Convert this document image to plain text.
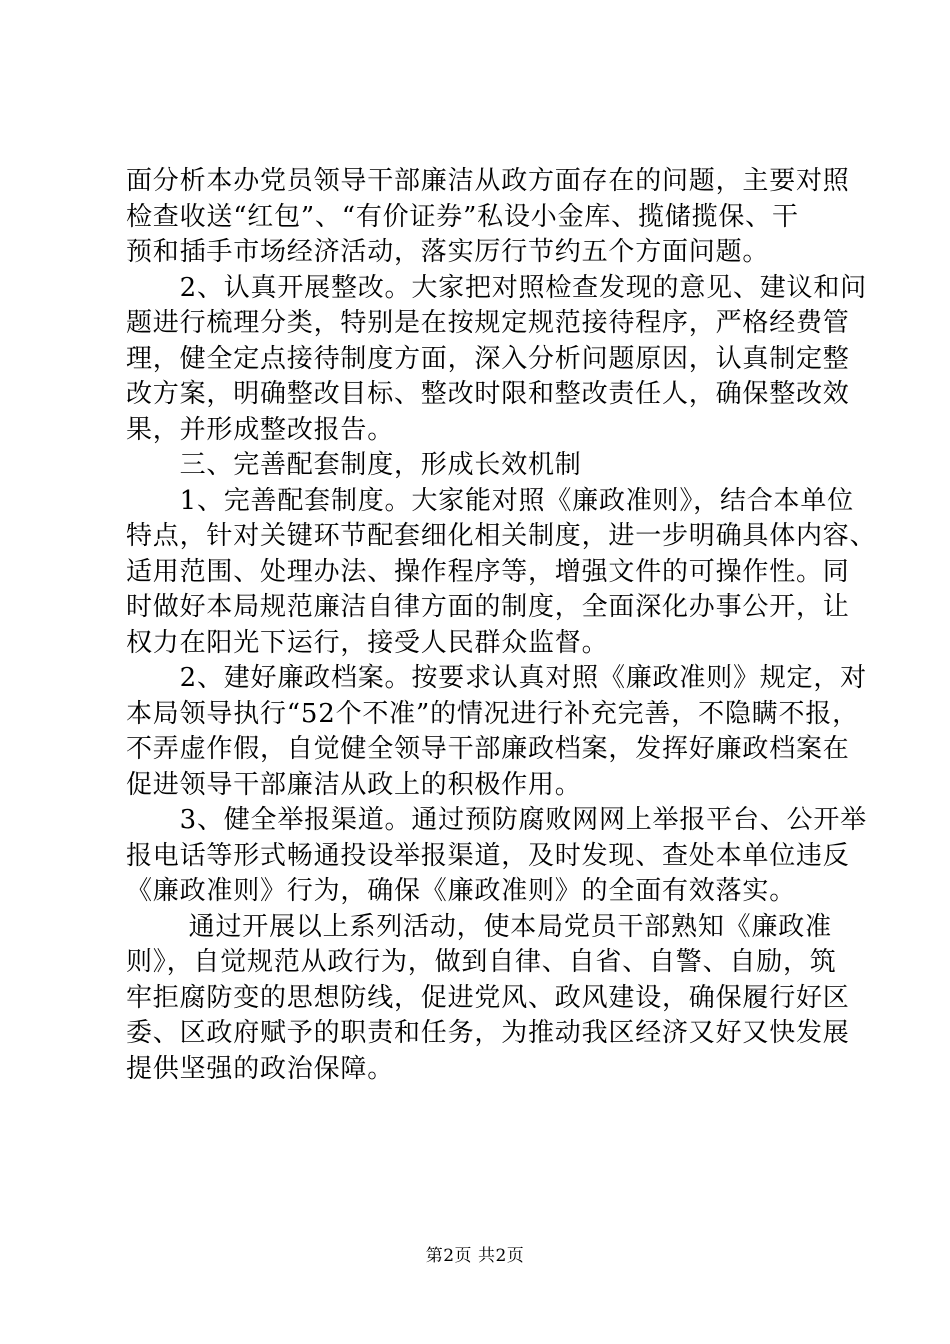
面分析本办党员领导干部廉洁从政方面存在的问题，主要对照
检查收送“红包”、“有价证券”私设小金库、揽储揽保、干
预和插手市场经济活动，落实厉行节约五个方面问题。
　　2、认真开展整改。大家把对照检查发现的意见、建议和问
题进行梳理分类，特别是在按规定规范接待程序，严格经费管
理，健全定点接待制度方面，深入分析问题原因，认真制定整
改方案，明确整改目标、整改时限和整改责任人，确保整改效
果，并形成整改报告。
　　三、完善配套制度，形成长效机制
　　1、完善配套制度。大家能对照《廉政准则》，结合本单位
特点，针对关键环节配套细化相关制度，进一步明确具体内容、
适用范围、处理办法、操作程序等，增强文件的可操作性。同
时做好本局规范廉洁自律方面的制度，全面深化办事公开，让
权力在阳光下运行，接受人民群众监督。
　　2、建好廉政档案。按要求认真对照《廉政准则》规定，对
本局领导执行“52个不准”的情况进行补充完善，不隐瞒不报，
不弄虚作假，自觉健全领导干部廉政档案，发挥好廉政档案在
促进领导干部廉洁从政上的积极作用。
　　3、健全举报渠道。通过预防腐败网网上举报平台、公开举
报电话等形式畅通投设举报渠道，及时发现、查处本单位违反
《廉政准则》行为，确保《廉政准则》的全面有效落实。
　　 通过开展以上系列活动，使本局党员干部熟知《廉政准
则》，自觉规范从政行为，做到自律、自省、自警、自励，筑
牢拒腐防变的思想防线，促进党风、政风建设，确保履行好区
委、区政府赋予的职责和任务，为推动我区经济又好又快发展
提供坚强的政治保障。
第2页 共2页
